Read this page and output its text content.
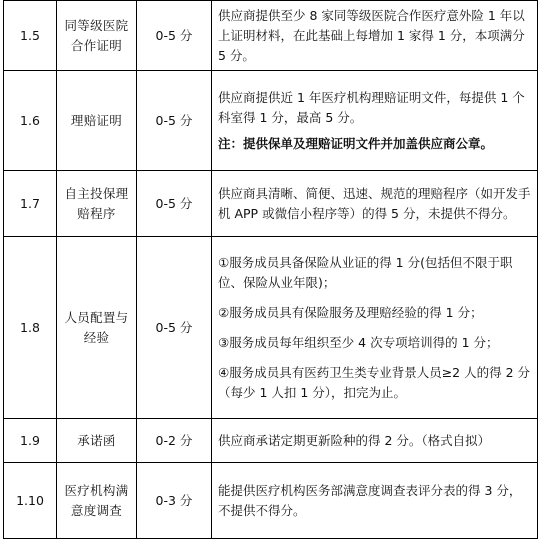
1.5	同等级医院合作证明	0-5 分	供应商提供至少 8 家同等级医院合作医疗意外险 1 年以上证明材料，在此基础上每增加 1 家得 1 分，本项满分 5 分。

1.6	理赔证明	0-5 分	供应商提供近 1 年医疗机构理赔证明文件，每提供 1 个科室得 1 分，最高 5 分。
注：提供保单及理赔证明文件并加盖供应商公章。

1.7	自主投保理赔程序	0-5 分	供应商具清晰、简便、迅速、规范的理赔程序（如开发手机 APP 或微信小程序等）的得 5 分，未提供不得分。

1.8	人员配置与经验	0-5 分	①服务成员具备保险从业证的得 1 分(包括但不限于职位、保险从业年限)；
②服务成员具有保险服务及理赔经验的得 1 分；
③服务成员每年组织至少 4 次专项培训得的 1 分；
④服务成员具有医药卫生类专业背景人员≥2 人的得 2 分（每少 1 人扣 1 分），扣完为止。

1.9	承诺函	0-2 分	供应商承诺定期更新险种的得 2 分。（格式自拟）

1.10	医疗机构满意度调查	0-3 分	能提供医疗机构医务部满意度调查表评分表的得 3 分，不提供不得分。
